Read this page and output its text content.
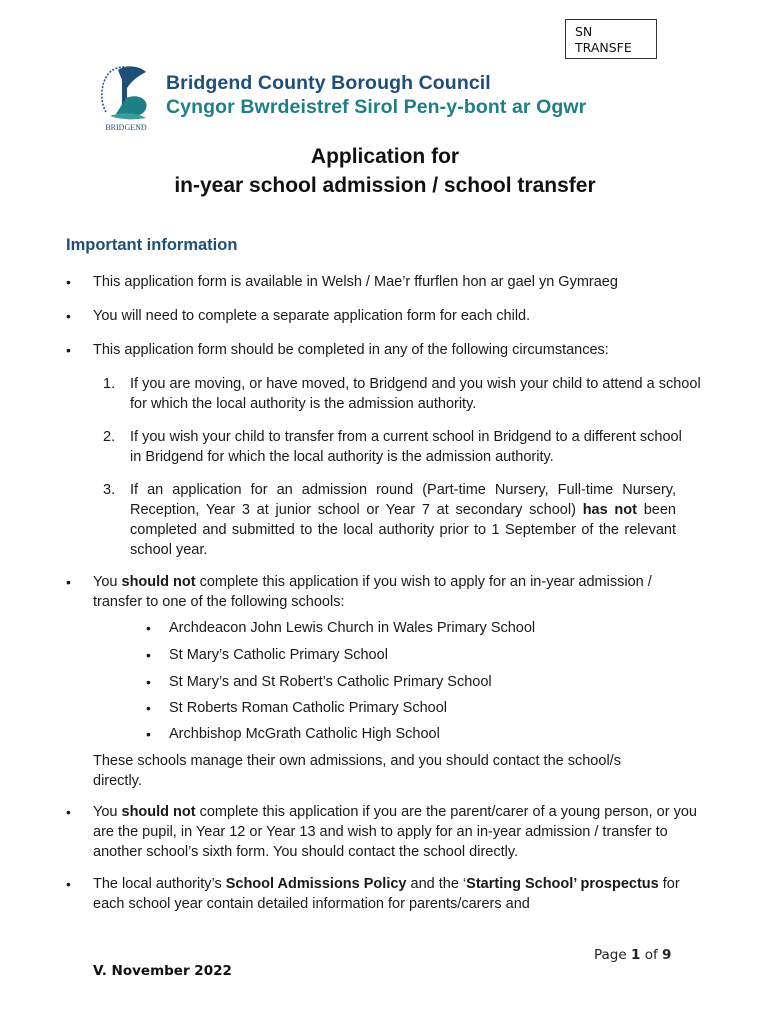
SN
TRANSFE
BRIDGEND
Bridgend County Borough Council
Cyngor Bwrdeistref Sirol Pen-y-bont ar Ogwr
Application for
in-year school admission / school transfer
Important information
• This application form is available in Welsh / Mae’r ffurflen hon ar gael yn Gymraeg
• You will need to complete a separate application form for each child.
• This application form should be completed in any of the following circumstances:
1. If you are moving, or have moved, to Bridgend and you wish your child to attend a school for which the local authority is the admission authority.
2. If you wish your child to transfer from a current school in Bridgend to a different school in Bridgend for which the local authority is the admission authority.
3. If an application for an admission round (Part-time Nursery, Full-time Nursery, Reception, Year 3 at junior school or Year 7 at secondary school) has not been completed and submitted to the local authority prior to 1 September of the relevant school year.
• You should not complete this application if you wish to apply for an in-year admission / transfer to one of the following schools:
• Archdeacon John Lewis Church in Wales Primary School
• St Mary’s Catholic Primary School
• St Mary’s and St Robert’s Catholic Primary School
• St Roberts Roman Catholic Primary School
• Archbishop McGrath Catholic High School
These schools manage their own admissions, and you should contact the school/s directly.
• You should not complete this application if you are the parent/carer of a young person, or you are the pupil, in Year 12 or Year 13 and wish to apply for an in-year admission / transfer to another school’s sixth form. You should contact the school directly.
• The local authority’s School Admissions Policy and the ‘Starting School’ prospectus for each school year contain detailed information for parents/carers and
Page 1 of 9
V. November 2022
